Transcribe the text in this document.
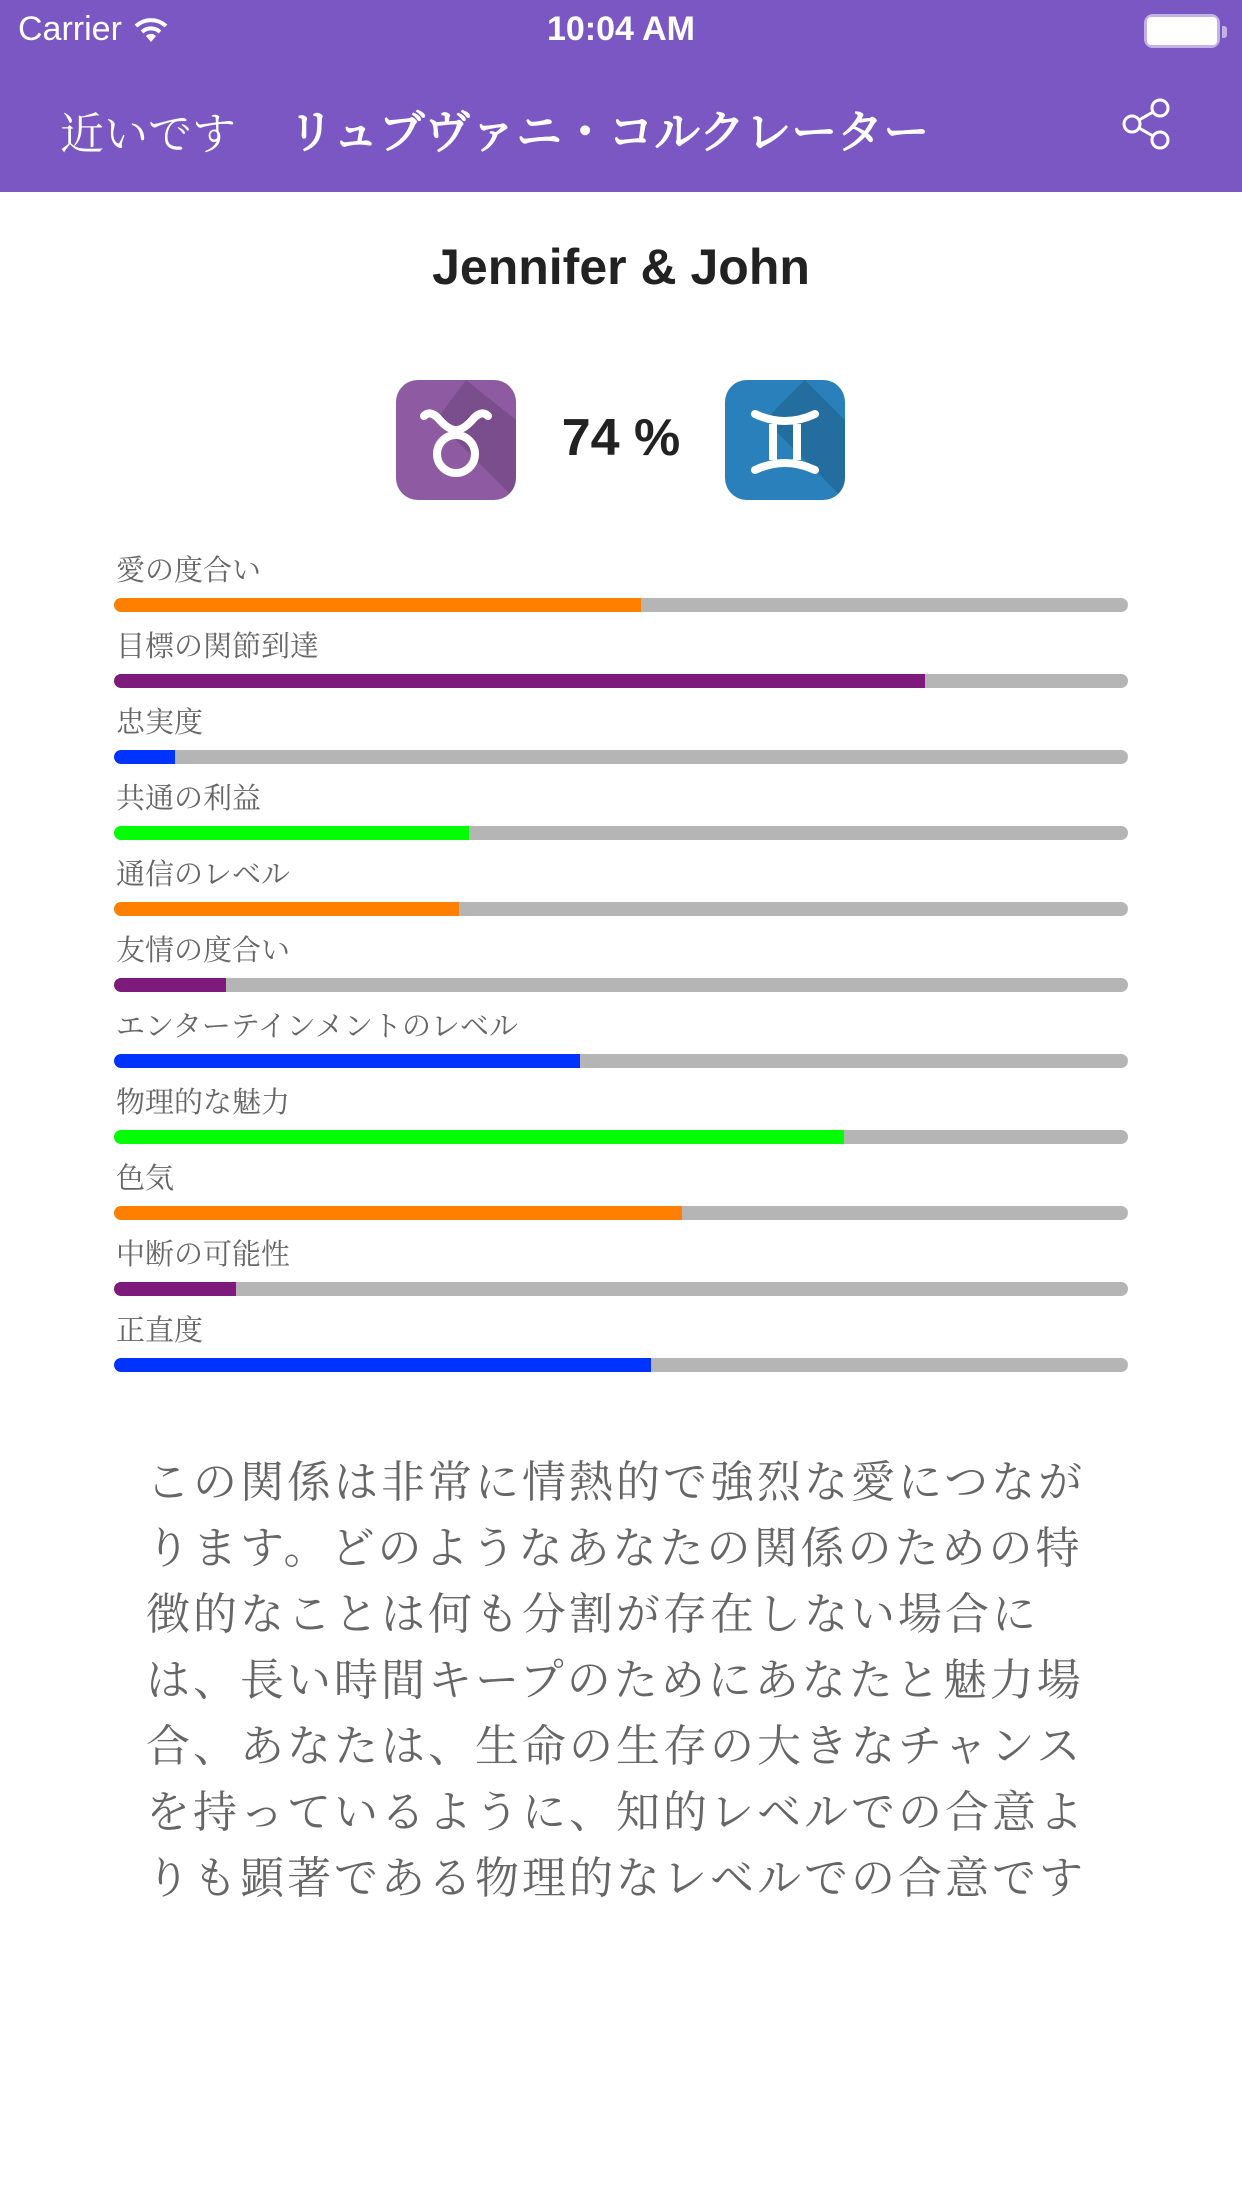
Carrier	10:04 AM
近いです リュブヴァニ・コルクレーター
Jennifer & John
74 %
愛の度合い
目標の関節到達
忠実度
共通の利益
通信のレベル
友情の度合い
エンターテインメントのレベル
物理的な魅力
色気
中断の可能性
正直度
この関係は非常に情熱的で強烈な愛につながります。どのようなあなたの関係のための特徴的なことは何も分割が存在しない場合には、長い時間キープのためにあなたと魅力場合、あなたは、生命の生存の大きなチャンスを持っているように、知的レベルでの合意よりも顕著である物理的なレベルでの合意です
